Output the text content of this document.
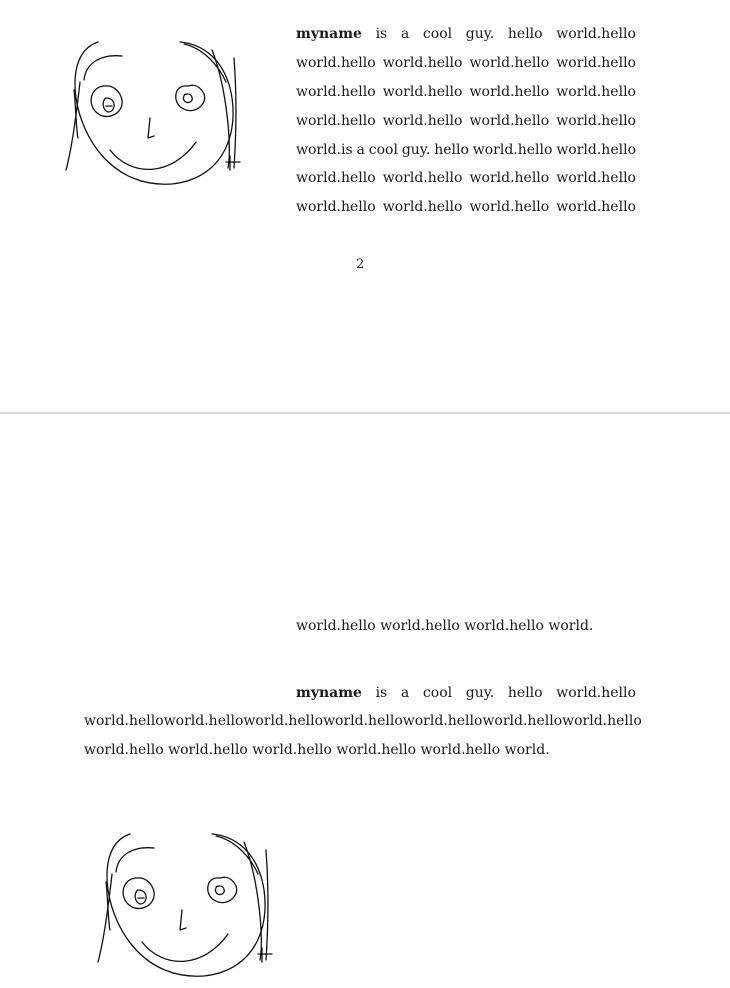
myname is a cool guy. hello world.hello
world.hello world.hello world.hello world.hello
world.hello world.hello world.hello world.hello
world.hello world.hello world.hello world.hello
world.is a cool guy. hello world.hello world.hello
world.hello world.hello world.hello world.hello
world.hello world.hello world.hello world.hello
2
world.hello world.hello world.hello world.
myname is a cool guy. hello world.hello
world.hello world.hello world.hello world.hello world.hello world.hello world.hello
world.hello world.hello world.hello world.hello world.hello world.
